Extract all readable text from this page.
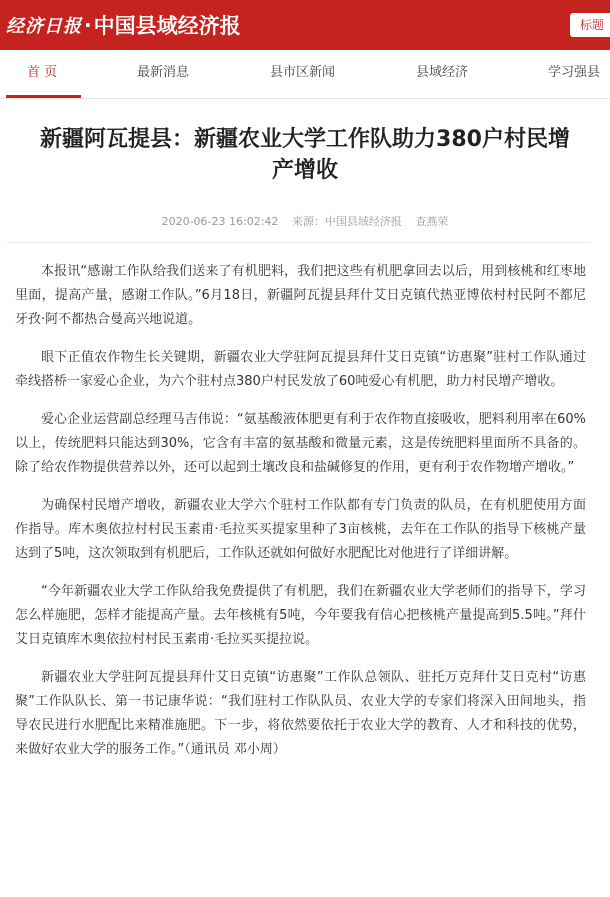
经济日报 · 中国县域经济报	标题
首 页	最新消息	县市区新闻	县域经济	学习强县
新疆阿瓦提县：新疆农业大学工作队助力380户村民增产增收
2020-06-23 16:02:42 来源：中国县域经济报 查燕荣

本报讯“感谢工作队给我们送来了有机肥料，我们把这些有机肥拿回去以后，用到核桃和红枣地里面，提高产量，感谢工作队。”6月18日，新疆阿瓦提县拜什艾日克镇代热亚博依村村民阿不都尼牙孜·阿不都热合曼高兴地说道。

眼下正值农作物生长关键期，新疆农业大学驻阿瓦提县拜什艾日克镇“访惠聚”驻村工作队通过牵线搭桥一家爱心企业，为六个驻村点380户村民发放了60吨爱心有机肥，助力村民增产增收。

爱心企业运营副总经理马吉伟说：“氨基酸液体肥更有利于农作物直接吸收，肥料利用率在60%以上，传统肥料只能达到30%，它含有丰富的氨基酸和微量元素，这是传统肥料里面所不具备的。除了给农作物提供营养以外，还可以起到土壤改良和盐碱修复的作用，更有利于农作物增产增收。”

为确保村民增产增收，新疆农业大学六个驻村工作队都有专门负责的队员，在有机肥使用方面作指导。库木奥依拉村村民玉素甫·毛拉买买提家里种了3亩核桃，去年在工作队的指导下核桃产量达到了5吨，这次领取到有机肥后，工作队还就如何做好水肥配比对他进行了详细讲解。

“今年新疆农业大学工作队给我免费提供了有机肥，我们在新疆农业大学老师们的指导下，学习怎么样施肥，怎样才能提高产量。去年核桃有5吨，今年要我有信心把核桃产量提高到5.5吨。”拜什艾日克镇库木奥依拉村村民玉素甫·毛拉买买提拉说。

新疆农业大学驻阿瓦提县拜什艾日克镇“访惠聚”工作队总领队、驻托万克拜什艾日克村“访惠聚”工作队队长、第一书记康华说：“我们驻村工作队队员、农业大学的专家们将深入田间地头，指导农民进行水肥配比来精准施肥。下一步，将依然要依托于农业大学的教育、人才和科技的优势，来做好农业大学的服务工作。”（通讯员 邓小周）
